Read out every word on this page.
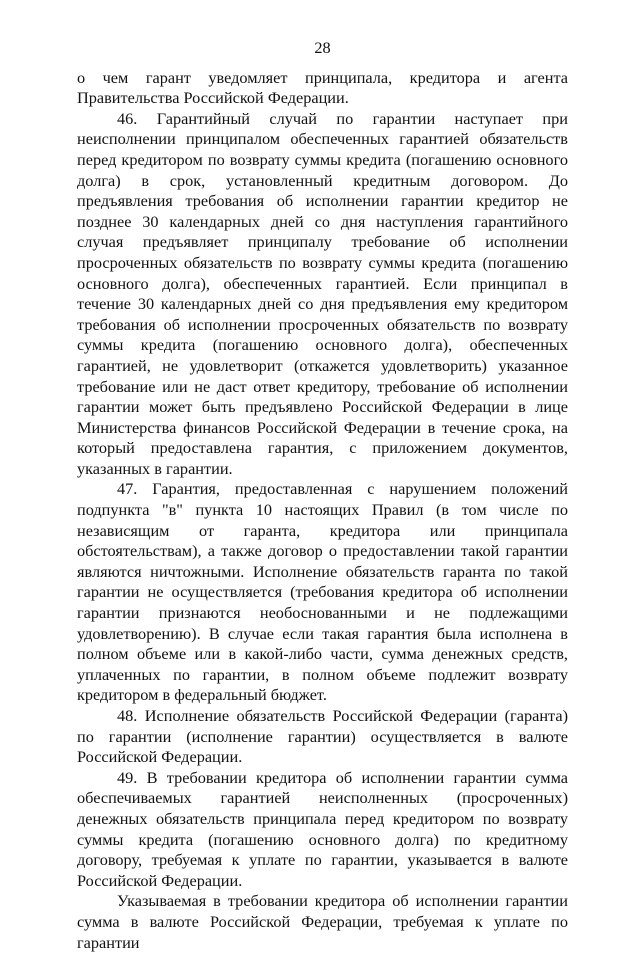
28

о чем гарант уведомляет принципала, кредитора и агента Правительства Российской Федерации.

46. Гарантийный случай по гарантии наступает при неисполнении принципалом обеспеченных гарантией обязательств перед кредитором по возврату суммы кредита (погашению основного долга) в срок, установленный кредитным договором. До предъявления требования об исполнении гарантии кредитор не позднее 30 календарных дней со дня наступления гарантийного случая предъявляет принципалу требование об исполнении просроченных обязательств по возврату суммы кредита (погашению основного долга), обеспеченных гарантией. Если принципал в течение 30 календарных дней со дня предъявления ему кредитором требования об исполнении просроченных обязательств по возврату суммы кредита (погашению основного долга), обеспеченных гарантией, не удовлетворит (откажется удовлетворить) указанное требование или не даст ответ кредитору, требование об исполнении гарантии может быть предъявлено Российской Федерации в лице Министерства финансов Российской Федерации в течение срока, на который предоставлена гарантия, с приложением документов, указанных в гарантии.

47. Гарантия, предоставленная с нарушением положений подпункта "в" пункта 10 настоящих Правил (в том числе по независящим от гаранта, кредитора или принципала обстоятельствам), а также договор о предоставлении такой гарантии являются ничтожными. Исполнение обязательств гаранта по такой гарантии не осуществляется (требования кредитора об исполнении гарантии признаются необоснованными и не подлежащими удовлетворению). В случае если такая гарантия была исполнена в полном объеме или в какой-либо части, сумма денежных средств, уплаченных по гарантии, в полном объеме подлежит возврату кредитором в федеральный бюджет.

48. Исполнение обязательств Российской Федерации (гаранта) по гарантии (исполнение гарантии) осуществляется в валюте Российской Федерации.

49. В требовании кредитора об исполнении гарантии сумма обеспечиваемых гарантией неисполненных (просроченных) денежных обязательств принципала перед кредитором по возврату суммы кредита (погашению основного долга) по кредитному договору, требуемая к уплате по гарантии, указывается в валюте Российской Федерации.

Указываемая в требовании кредитора об исполнении гарантии сумма в валюте Российской Федерации, требуемая к уплате по гарантии
